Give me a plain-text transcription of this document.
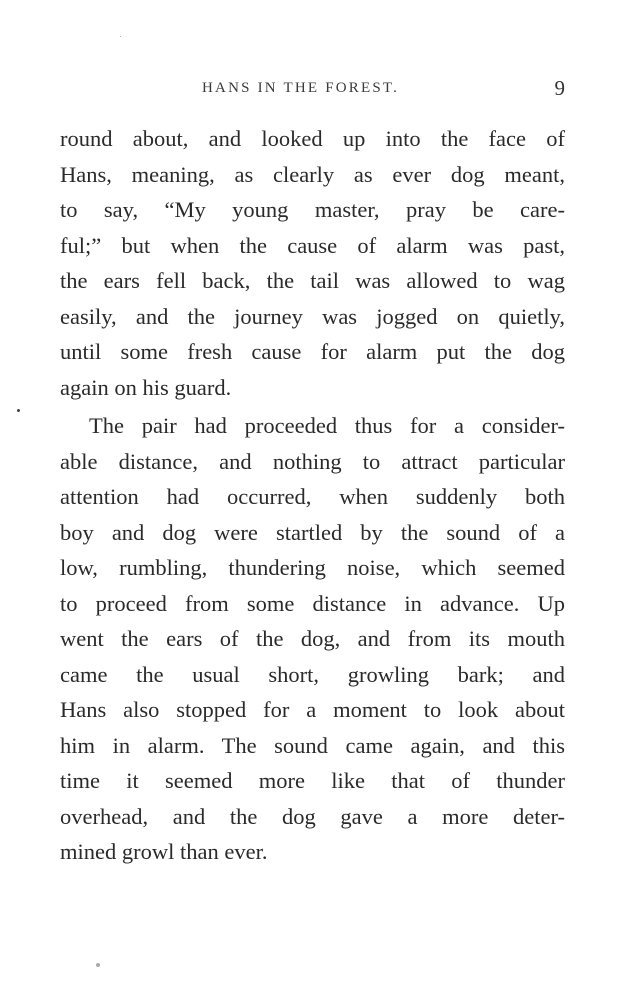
HANS IN THE FOREST.	9
round about, and looked up into the face of
Hans, meaning, as clearly as ever dog meant,
to say, “My young master, pray be care-
ful;” but when the cause of alarm was past,
the ears fell back, the tail was allowed to wag
easily, and the journey was jogged on quietly,
until some fresh cause for alarm put the dog
again on his guard.
The pair had proceeded thus for a consider-
able distance, and nothing to attract particular
attention had occurred, when suddenly both
boy and dog were startled by the sound of a
low, rumbling, thundering noise, which seemed
to proceed from some distance in advance. Up
went the ears of the dog, and from its mouth
came the usual short, growling bark; and
Hans also stopped for a moment to look about
him in alarm. The sound came again, and this
time it seemed more like that of thunder
overhead, and the dog gave a more deter-
mined growl than ever.
